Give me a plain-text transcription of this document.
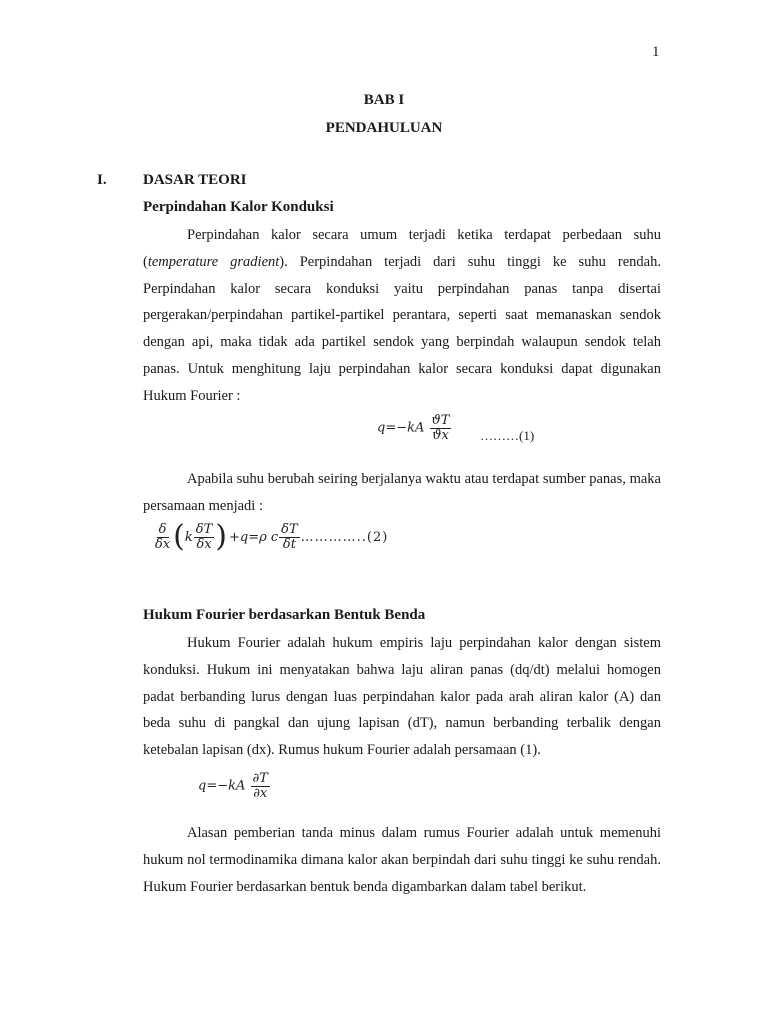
1
BAB I
PENDAHULUAN
I. DASAR TEORI
Perpindahan Kalor Konduksi

Perpindahan kalor secara umum terjadi ketika terdapat perbedaan suhu (temperature gradient). Perpindahan terjadi dari suhu tinggi ke suhu rendah. Perpindahan kalor secara konduksi yaitu perpindahan panas tanpa disertai pergerakan/perpindahan partikel-partikel perantara, seperti saat memanaskan sendok dengan api, maka tidak ada partikel sendok yang berpindah walaupun sendok telah panas. Untuk menghitung laju perpindahan kalor secara konduksi dapat digunakan Hukum Fourier :

$q=-kA \frac{ϑT}{ϑx}$ ………(1)

Apabila suhu berubah seiring berjalanya waktu atau terdapat sumber panas, maka persamaan menjadi :

$\frac{\delta}{\delta x}$ ( k $\frac{\delta T}{\delta x}$ ) +q=ρ c $\frac{\delta T}{\delta t}$ …………..(2)
Hukum Fourier berdasarkan Bentuk Benda

Hukum Fourier adalah hukum empiris laju perpindahan kalor dengan sistem konduksi. Hukum ini menyatakan bahwa laju aliran panas (dq/dt) melalui homogen padat berbanding lurus dengan luas perpindahan kalor pada arah aliran kalor (A) dan beda suhu di pangkal dan ujung lapisan (dT), namun berbanding terbalik dengan ketebalan lapisan (dx). Rumus hukum Fourier adalah persamaan (1).

$q=-kA \frac{\partial T}{\partial x}$

Alasan pemberian tanda minus dalam rumus Fourier adalah untuk memenuhi hukum nol termodinamika dimana kalor akan berpindah dari suhu tinggi ke suhu rendah. Hukum Fourier berdasarkan bentuk benda digambarkan dalam tabel berikut.
